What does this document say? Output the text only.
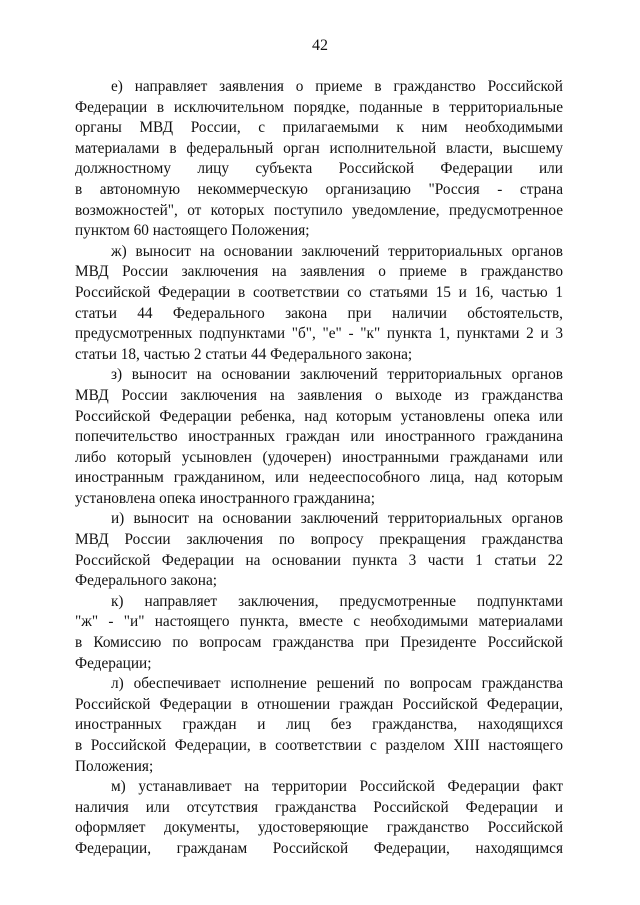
42

е) направляет заявления о приеме в гражданство Российской
Федерации в исключительном порядке, поданные в территориальные
органы МВД России, с прилагаемыми к ним необходимыми
материалами в федеральный орган исполнительной власти, высшему
должностному лицу субъекта Российской Федерации или
в автономную некоммерческую организацию "Россия - страна
возможностей", от которых поступило уведомление, предусмотренное
пунктом 60 настоящего Положения;

ж) выносит на основании заключений территориальных органов
МВД России заключения на заявления о приеме в гражданство
Российской Федерации в соответствии со статьями 15 и 16, частью 1
статьи 44 Федерального закона при наличии обстоятельств,
предусмотренных подпунктами "б", "е" - "к" пункта 1, пунктами 2 и 3
статьи 18, частью 2 статьи 44 Федерального закона;

з) выносит на основании заключений территориальных органов
МВД России заключения на заявления о выходе из гражданства
Российской Федерации ребенка, над которым установлены опека или
попечительство иностранных граждан или иностранного гражданина
либо который усыновлен (удочерен) иностранными гражданами или
иностранным гражданином, или недееспособного лица, над которым
установлена опека иностранного гражданина;

и) выносит на основании заключений территориальных органов
МВД России заключения по вопросу прекращения гражданства
Российской Федерации на основании пункта 3 части 1 статьи 22
Федерального закона;

к) направляет заключения, предусмотренные подпунктами
"ж" - "и" настоящего пункта, вместе с необходимыми материалами
в Комиссию по вопросам гражданства при Президенте Российской
Федерации;

л) обеспечивает исполнение решений по вопросам гражданства
Российской Федерации в отношении граждан Российской Федерации,
иностранных граждан и лиц без гражданства, находящихся
в Российской Федерации, в соответствии с разделом XIII настоящего
Положения;

м) устанавливает на территории Российской Федерации факт
наличия или отсутствия гражданства Российской Федерации и
оформляет документы, удостоверяющие гражданство Российской
Федерации, гражданам Российской Федерации, находящимся
